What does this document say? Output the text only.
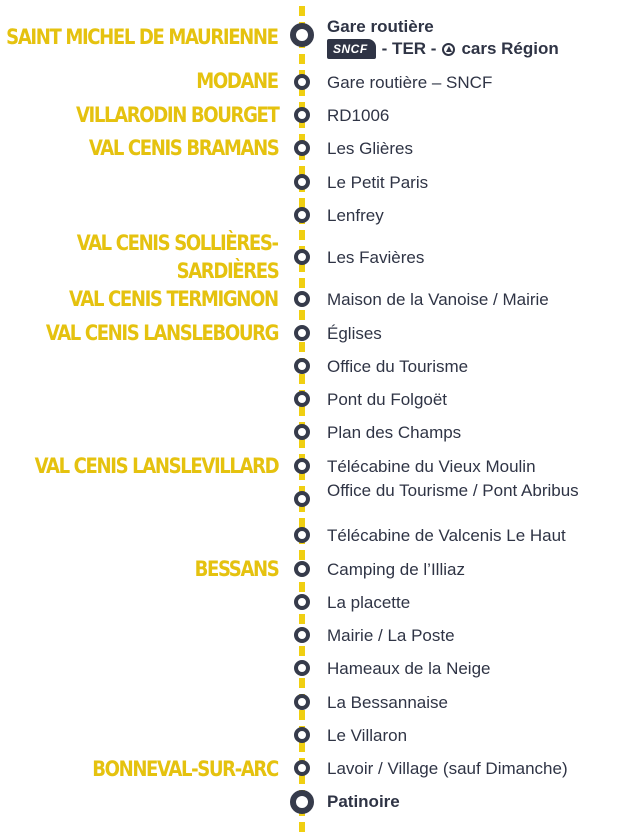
SAINT MICHEL DE MAURIENNE
MODANE
VILLARODIN BOURGET
VAL CENIS BRAMANS
VAL CENIS SOLLIÈRES-
SARDIÈRES
VAL CENIS TERMIGNON
VAL CENIS LANSLEBOURG
VAL CENIS LANSLEVILLARD
BESSANS
BONNEVAL-SUR-ARC
Gare routière
SNCF - TER - cars Région
Gare routière – SNCF
RD1006
Les Glières
Le Petit Paris
Lenfrey
Les Favières
Maison de la Vanoise / Mairie
Églises
Office du Tourisme
Pont du Folgoët
Plan des Champs
Télécabine du Vieux Moulin
Office du Tourisme / Pont Abribus
Télécabine de Valcenis Le Haut
Camping de l’Illiaz
La placette
Mairie / La Poste
Hameaux de la Neige
La Bessannaise
Le Villaron
Lavoir / Village (sauf Dimanche)
Patinoire
